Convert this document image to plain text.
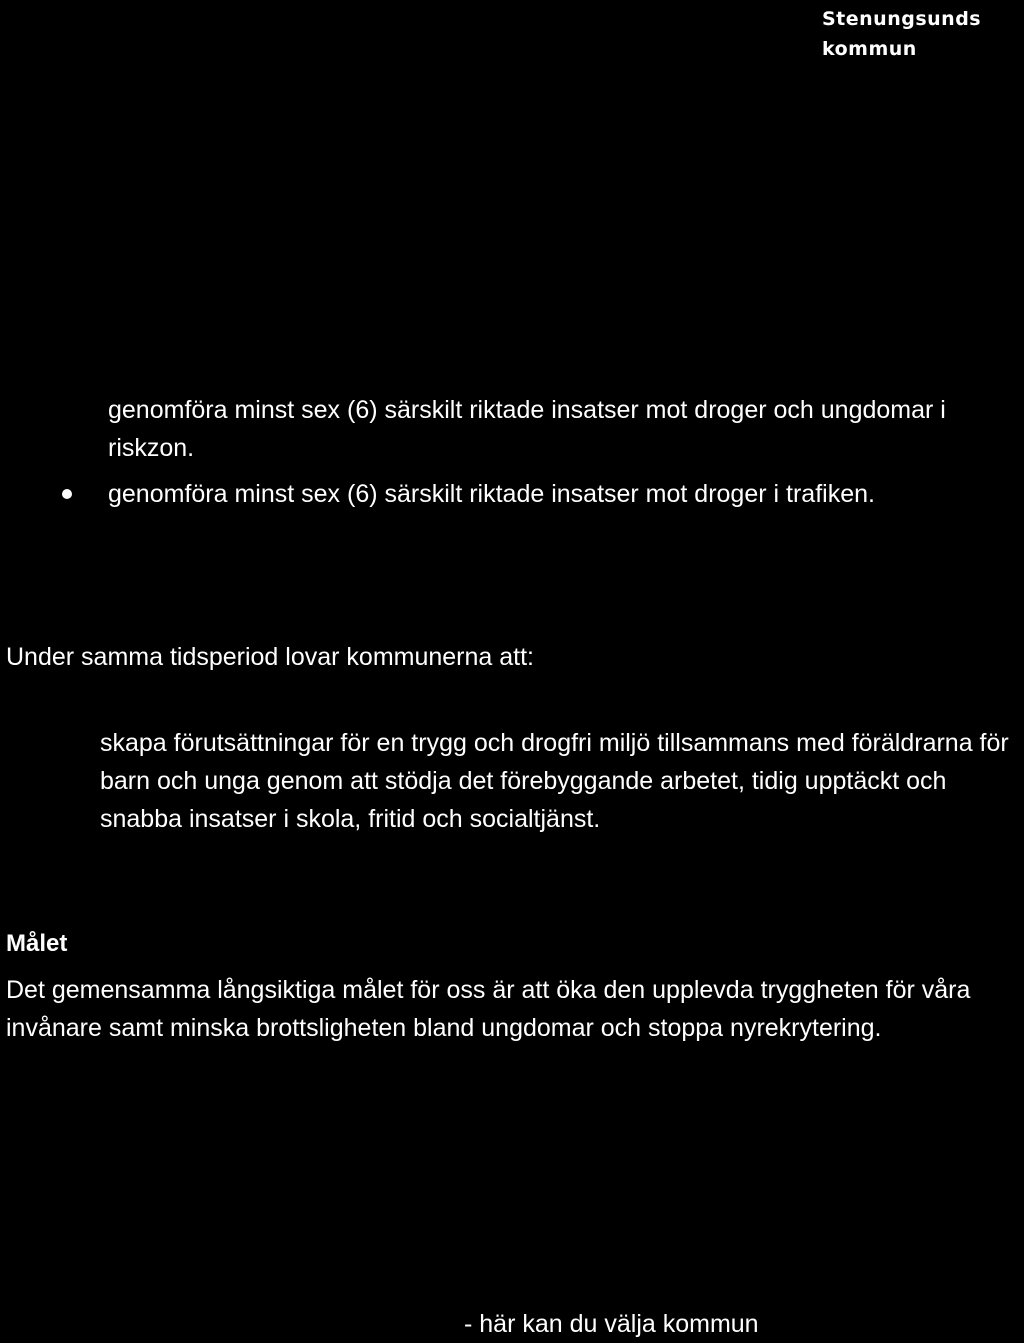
Stenungsunds
kommun

genomföra minst sex (6) särskilt riktade insatser mot droger och ungdomar i riskzon.

genomföra minst sex (6) särskilt riktade insatser mot droger i trafiken.

Under samma tidsperiod lovar kommunerna att:

skapa förutsättningar för en trygg och drogfri miljö tillsammans med föräldrarna för barn och unga genom att stödja det förebyggande arbetet, tidig upptäckt och snabba insatser i skola, fritid och socialtjänst.

Målet

Det gemensamma långsiktiga målet för oss är att öka den upplevda tryggheten för våra invånare samt minska brottsligheten bland ungdomar och stoppa nyrekrytering.

- här kan du välja kommun
